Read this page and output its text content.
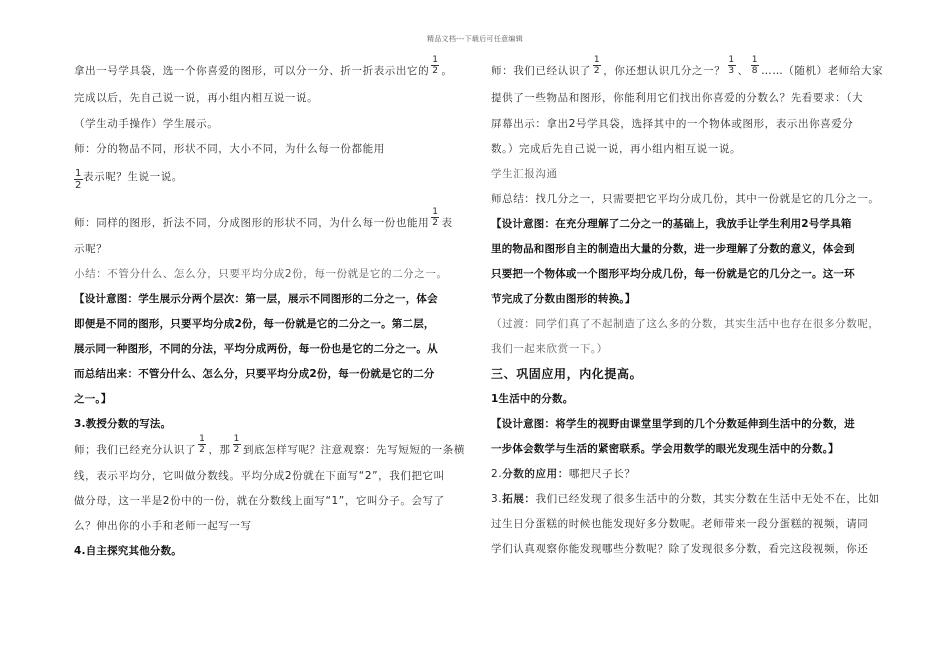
精品文档---下载后可任意编辑

拿出一号学具袋，选一个你喜爱的图形，可以分一分、折一折表示出它的 $\frac{1}{2}$ 。

完成以后，先自己说一说，再小组内相互说一说。

（学生动手操作）学生展示。

师：分的物品不同，形状不同，大小不同，为什么每一份都能用

$\frac{1}{2}$ 表示呢？生说一说。

师：同样的图形，折法不同，分成图形的形状不同，为什么每一份也能用 $\frac{1}{2}$ 表

示呢？

小结：不管分什么、怎么分，只要平均分成2份，每一份就是它的二分之一。

【设计意图：学生展示分两个层次：第一层，展示不同图形的二分之一，体会

即便是不同的图形，只要平均分成2份，每一份就是它的二分之一。第二层，

展示同一种图形，不同的分法，平均分成两份，每一份也是它的二分之一。从

而总结出来：不管分什么、怎么分，只要平均分成2份，每一份就是它的二分

之一。】

3.教授分数的写法。

师；我们已经充分认识了 $\frac{1}{2}$ ，那 $\frac{1}{2}$ 到底怎样写呢？注意观察：先写短短的一条横

线，表示平均分，它叫做分数线。平均分成2份就在下面写“2”，我们把它叫

做分母，这一半是2份中的一份，就在分数线上面写“1”，它叫分子。会写了

么？伸出你的小手和老师一起写一写

4.自主探究其他分数。

师：我们已经认识了 $\frac{1}{2}$ ，你还想认识几分之一？ $\frac{1}{3}$ 、 $\frac{1}{8}$ ……（随机）老师给大家

提供了一些物品和图形，你能利用它们找出你喜爱的分数么？先看要求：（大

屏幕出示：拿出2号学具袋，选择其中的一个物体或图形，表示出你喜爱分

数。）完成后先自己说一说，再小组内相互说一说。

学生汇报沟通

师总结：找几分之一，只需要把它平均分成几份，其中一份就是它的几分之一。

【设计意图：在充分理解了二分之一的基础上，我放手让学生利用2号学具箱

里的物品和图形自主的制造出大量的分数，进一步理解了分数的意义，体会到

只要把一个物体或一个图形平均分成几份，每一份就是它的几分之一。这一环

节完成了分数由图形的转换。】

（过渡：同学们真了不起制造了这么多的分数，其实生活中也存在很多分数呢，

我们一起来欣赏一下。）

三、巩固应用，内化提高。

1生活中的分数。

【设计意图：将学生的视野由课堂里学到的几个分数延伸到生活中的分数，进

一步体会数学与生活的紧密联系。学会用数学的眼光发现生活中的分数。】

2.分数的应用：哪把尺子长？

3.拓展：我们已经发现了很多生活中的分数，其实分数在生活中无处不在，比如

过生日分蛋糕的时候也能发现好多分数呢。老师带来一段分蛋糕的视频，请同

学们认真观察你能发现哪些分数呢？除了发现很多分数，看完这段视频，你还
